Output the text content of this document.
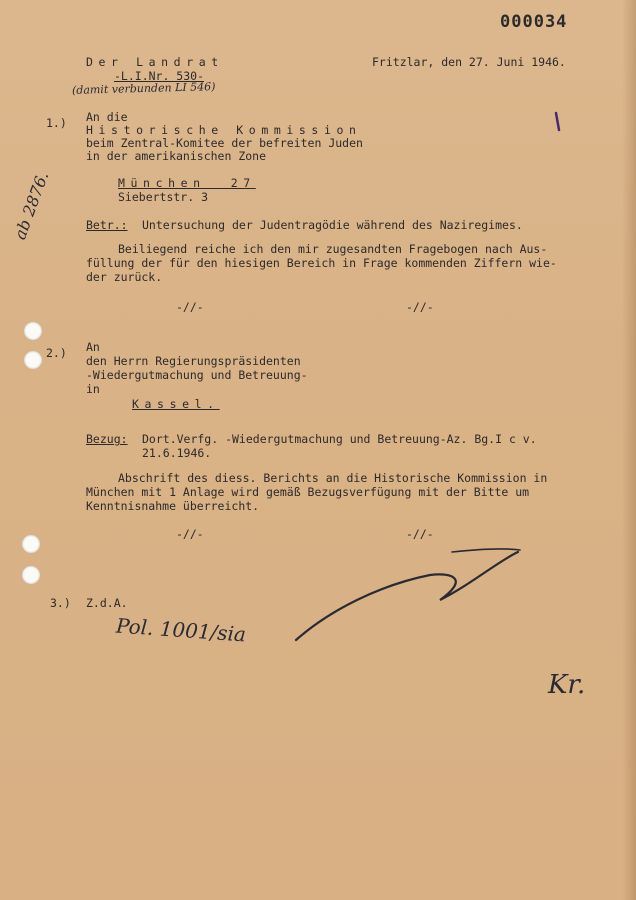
000034
Der Landrat
-L.I.Nr. 530-
(damit verbunden LI 546)
Fritzlar, den 27. Juni 1946.
ab 2876.
1.) An die
Historische Kommission
beim Zentral-Komitee der befreiten Juden
in der amerikanischen Zone
München  27
Siebertstr. 3
Betr.: Untersuchung der Judentragödie während des Naziregimes.
Beiliegend reiche ich den mir zugesandten Fragebogen nach Aus-
füllung der für den hiesigen Bereich in Frage kommenden Ziffern wie-
der zurück.
-//-	-//-
2.) An
den Herrn Regierungspräsidenten
-Wiedergutmachung und Betreuung-
in
Kassel.
Bezug: Dort.Verfg. -Wiedergutmachung und Betreuung-Az. Bg.I c v.
21.6.1946.
Abschrift des diess. Berichts an die Historische Kommission in
München mit 1 Anlage wird gemäß Bezugsverfügung mit der Bitte um
Kenntnisnahme überreicht.
-//-	-//-
3.) Z.d.A.
Pol. 1001/sia
Kr.
